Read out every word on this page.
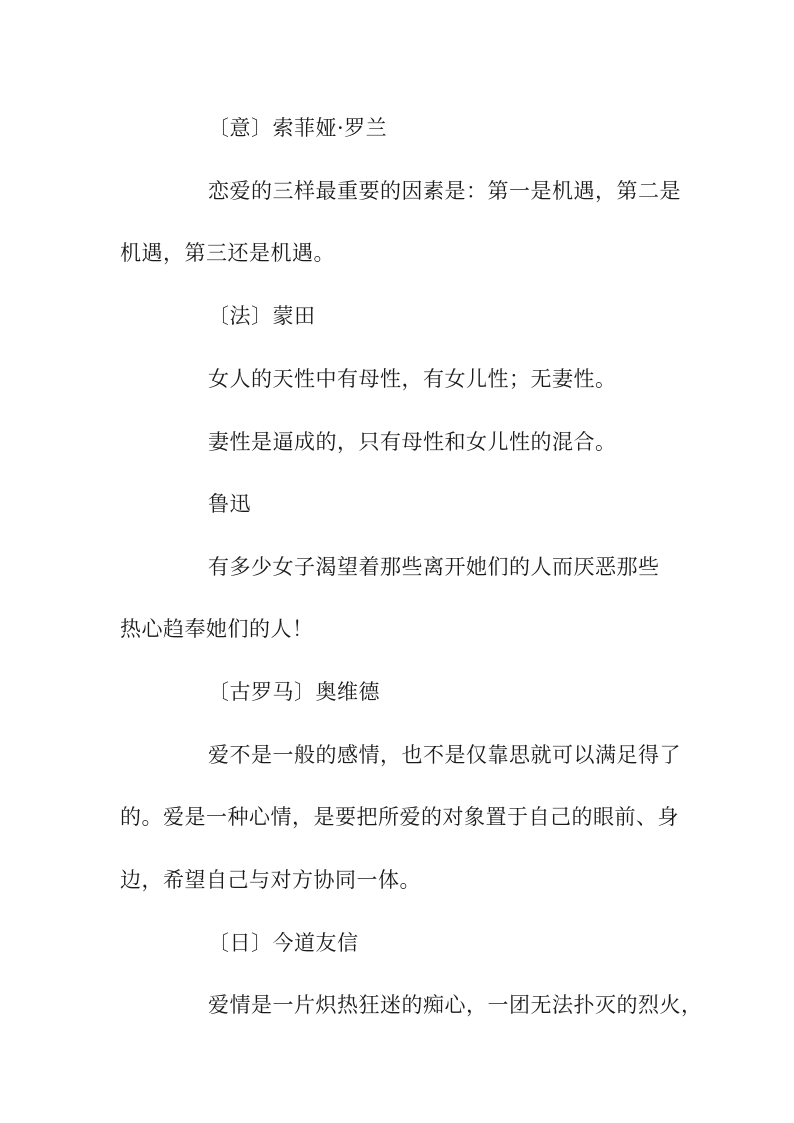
〔意〕索菲娅·罗兰
恋爱的三样最重要的因素是：第一是机遇，第二是
机遇，第三还是机遇。
〔法〕蒙田
女人的天性中有母性，有女儿性；无妻性。
妻性是逼成的，只有母性和女儿性的混合。
鲁迅
有多少女子渴望着那些离开她们的人而厌恶那些
热心趋奉她们的人！
〔古罗马〕奥维德
爱不是一般的感情，也不是仅靠思就可以满足得了
的。爱是一种心情，是要把所爱的对象置于自己的眼前、身
边，希望自己与对方协同一体。
〔日〕今道友信
爱情是一片炽热狂迷的痴心，一团无法扑灭的烈火，
